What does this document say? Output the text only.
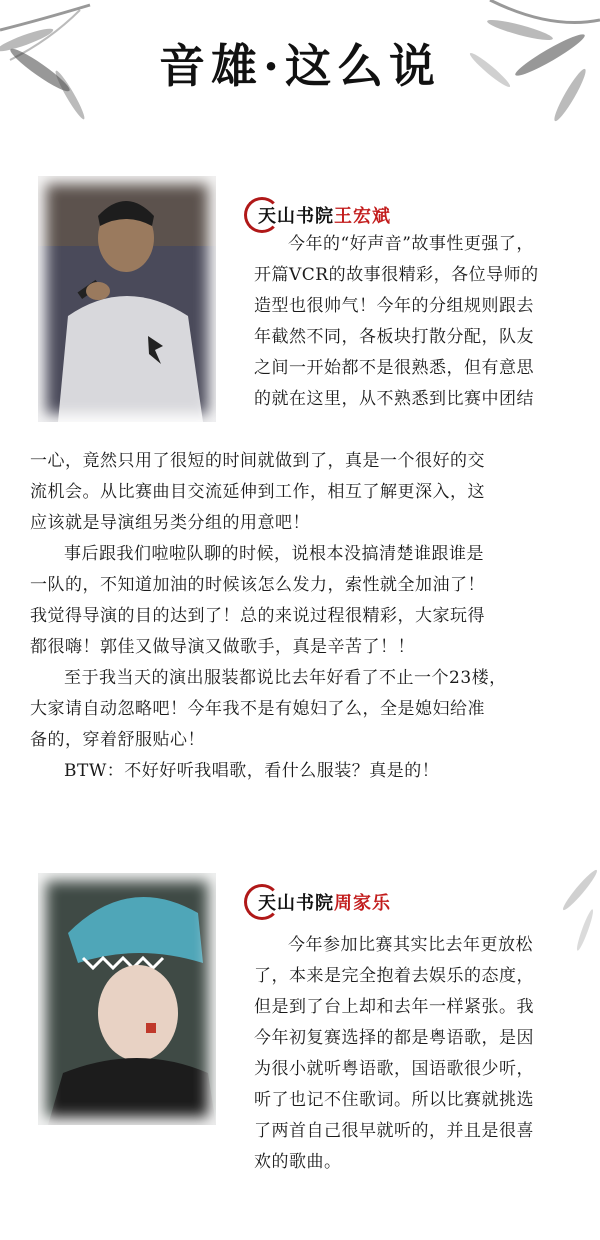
音雄·这么说
天山书院 王宏斌

今年的“好声音”故事性更强了，

开篇VCR的故事很精彩，各位导师的

造型也很帅气！今年的分组规则跟去

年截然不同，各板块打散分配，队友

之间一开始都不是很熟悉，但有意思

的就在这里，从不熟悉到比赛中团结

一心，竟然只用了很短的时间就做到了，真是一个很好的交

流机会。从比赛曲目交流延伸到工作，相互了解更深入，这

应该就是导演组另类分组的用意吧！

事后跟我们啦啦队聊的时候，说根本没搞清楚谁跟谁是

一队的，不知道加油的时候该怎么发力，索性就全加油了！

我觉得导演的目的达到了！总的来说过程很精彩，大家玩得

都很嗨！郭佳又做导演又做歌手，真是辛苦了！！

至于我当天的演出服装都说比去年好看了不止一个23楼，

大家请自动忽略吧！今年我不是有媳妇了么，全是媳妇给准

备的，穿着舒服贴心！

BTW：不好好听我唱歌，看什么服装？真是的！

天山书院 周家乐

今年参加比赛其实比去年更放松

了，本来是完全抱着去娱乐的态度，

但是到了台上却和去年一样紧张。我

今年初复赛选择的都是粤语歌，是因

为很小就听粤语歌，国语歌很少听，

听了也记不住歌词。所以比赛就挑选

了两首自己很早就听的，并且是很喜

欢的歌曲。
